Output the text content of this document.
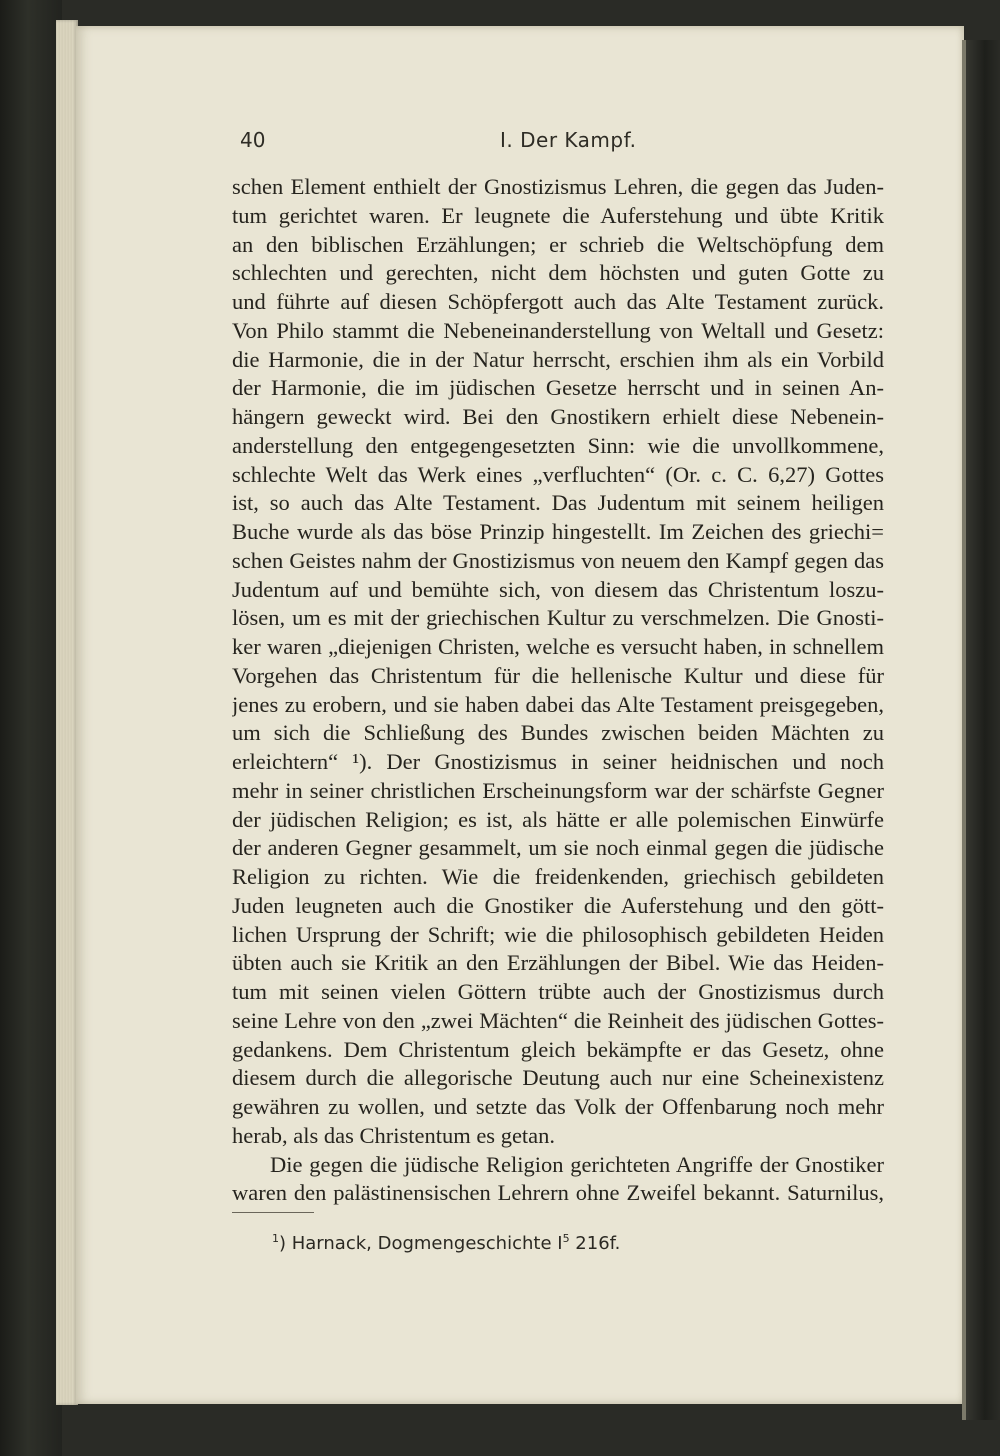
40	I. Der Kampf.
schen Element enthielt der Gnostizismus Lehren, die gegen das Juden-
tum gerichtet waren. Er leugnete die Auferstehung und übte Kritik
an den biblischen Erzählungen; er schrieb die Weltschöpfung dem
schlechten und gerechten, nicht dem höchsten und guten Gotte zu
und führte auf diesen Schöpfergott auch das Alte Testament zurück.
Von Philo stammt die Nebeneinanderstellung von Weltall und Gesetz:
die Harmonie, die in der Natur herrscht, erschien ihm als ein Vorbild
der Harmonie, die im jüdischen Gesetze herrscht und in seinen An-
hängern geweckt wird. Bei den Gnostikern erhielt diese Nebenein-
anderstellung den entgegengesetzten Sinn: wie die unvollkommene,
schlechte Welt das Werk eines „verfluchten“ (Or. c. C. 6,27) Gottes
ist, so auch das Alte Testament. Das Judentum mit seinem heiligen
Buche wurde als das böse Prinzip hingestellt. Im Zeichen des griechi=
schen Geistes nahm der Gnostizismus von neuem den Kampf gegen das
Judentum auf und bemühte sich, von diesem das Christentum loszu-
lösen, um es mit der griechischen Kultur zu verschmelzen. Die Gnosti-
ker waren „diejenigen Christen, welche es versucht haben, in schnellem
Vorgehen das Christentum für die hellenische Kultur und diese für
jenes zu erobern, und sie haben dabei das Alte Testament preisgegeben,
um sich die Schließung des Bundes zwischen beiden Mächten zu
erleichtern“ ¹). Der Gnostizismus in seiner heidnischen und noch
mehr in seiner christlichen Erscheinungsform war der schärfste Gegner
der jüdischen Religion; es ist, als hätte er alle polemischen Einwürfe
der anderen Gegner gesammelt, um sie noch einmal gegen die jüdische
Religion zu richten. Wie die freidenkenden, griechisch gebildeten
Juden leugneten auch die Gnostiker die Auferstehung und den gött-
lichen Ursprung der Schrift; wie die philosophisch gebildeten Heiden
übten auch sie Kritik an den Erzählungen der Bibel. Wie das Heiden-
tum mit seinen vielen Göttern trübte auch der Gnostizismus durch
seine Lehre von den „zwei Mächten“ die Reinheit des jüdischen Gottes-
gedankens. Dem Christentum gleich bekämpfte er das Gesetz, ohne
diesem durch die allegorische Deutung auch nur eine Scheinexistenz
gewähren zu wollen, und setzte das Volk der Offenbarung noch mehr
herab, als das Christentum es getan.
Die gegen die jüdische Religion gerichteten Angriffe der Gnostiker
waren den palästinensischen Lehrern ohne Zweifel bekannt. Saturnilus,
$^1$) Harnack, Dogmengeschichte $I^5$ 216f.
